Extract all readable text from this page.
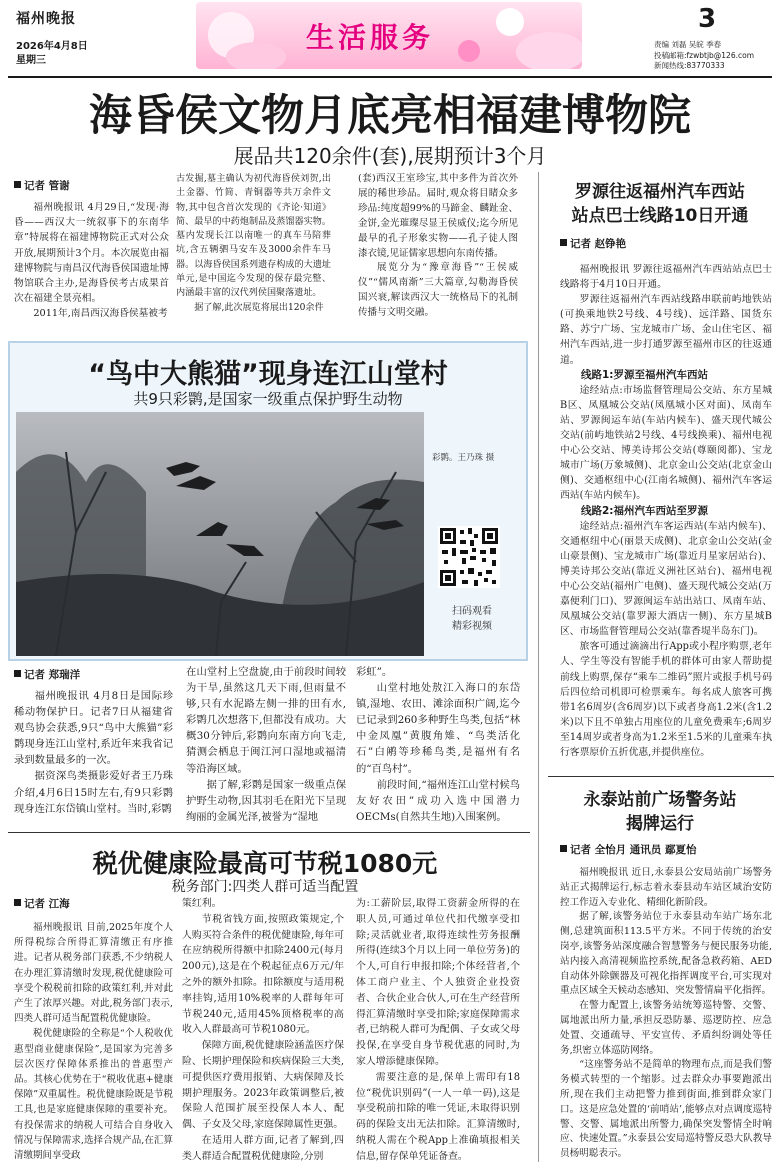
福州晚报
2026年4月8日
星期三
生活服务
3
责编 刘磊 吴皖 季春
投稿邮箱:fzwbtjb@126.com
新闻热线:83770333
海昏侯文物月底亮相福建博物院
展品共120余件(套),展期预计3个月
记者 管谢

福州晚报讯 4月29日,“发现·海昏——西汉大一统叙事下的东南华章”特展将在福建博物院正式对公众开放,展期预计3个月。本次展览由福建博物院与南昌汉代海昏侯国遗址博物馆联合主办,是海昏侯考古成果首次在福建全景亮相。

2011年,南昌西汉海昏侯墓被考

古发掘,墓主确认为初代海昏侯刘贺,出土金器、竹简、青铜器等共万余件文物,其中包含首次发现的《齐论·知道》简、最早的中药炮制品及蒸馏器实物。墓内发现长江以南唯一的真车马陪葬坑,含五辆驷马安车及3000余件车马器。以海昏侯国系列遗存构成的大遗址单元,是中国迄今发现的保存最完整、内涵最丰富的汉代列侯国聚落遗址。

据了解,此次展览将展出120余件

(套)西汉王室珍宝,其中多件为首次外展的稀世珍品。届时,观众将目睹众多珍品:纯度超99%的马蹄金、麟趾金、金饼,金光璀璨尽显王侯威仪;迄今所见最早的孔子形象实物——孔子徒人图漆衣镜,见证儒家思想向东南传播。

展览分为“豫章海昏”“王侯威仪”“儒风南渐”三大篇章,勾勒海昏侯国兴衰,解读西汉大一统格局下的礼制传播与文明交融。

“鸟中大熊猫”现身连江山堂村
共9只彩鹮,是国家一级重点保护野生动物
彩鹮。王乃珠 摄
扫码观看
精彩视频
记者 郑瑞洋

福州晚报讯 4月8日是国际珍稀动物保护日。记者7日从福建省观鸟协会获悉,9只“鸟中大熊猫”彩鹮现身连江山堂村,系近年来我省记录到数量最多的一次。

据资深鸟类摄影爱好者王乃珠介绍,4月6日15时左右,有9只彩鹮现身连江东岱镇山堂村。当时,彩鹮

在山堂村上空盘旋,由于前段时间较为干旱,虽然这几天下雨,但雨量不够,只有水泥路左侧一排的田有水,彩鹮几次想落下,但都没有成功。大概30分钟后,彩鹮向东南方向飞走,猜测会栖息于闽江河口湿地或福清等沿海区域。

据了解,彩鹮是国家一级重点保护野生动物,因其羽毛在阳光下呈现绚丽的金属光泽,被誉为“湿地

彩虹”。

山堂村地处敖江入海口的东岱镇,湿地、农田、滩涂面积广阔,迄今已记录到260多种野生鸟类,包括“林中金凤凰”黄腹角雉、“鸟类活化石”白鹇等珍稀鸟类,是福州有名的“百鸟村”。

前段时间,“福州连江山堂村候鸟友好农田”成功入选中国潜力OECMs(自然共生地)入围案例。

税优健康险最高可节税1080元
税务部门:四类人群可适当配置
记者 江海

福州晚报讯 目前,2025年度个人所得税综合所得汇算清缴正有序推进。记者从税务部门获悉,不少纳税人在办理汇算清缴时发现,税优健康险可享受个税税前扣除的政策红利,并对此产生了浓厚兴趣。对此,税务部门表示,四类人群可适当配置税优健康险。

税优健康险的全称是“个人税收优惠型商业健康保险”,是国家为完善多层次医疗保障体系推出的普惠型产品。其核心优势在于“税收优惠+健康保障”双重属性。税优健康险既是节税工具,也是家庭健康保障的重要补充。有投保需求的纳税人可结合自身收入情况与保障需求,选择合规产品,在汇算清缴期间享受政

策红利。

节税省钱方面,按照政策规定,个人购买符合条件的税优健康险,每年可在应纳税所得额中扣除2400元(每月200元),这是在个税起征点6万元/年之外的额外扣除。扣除额度与适用税率挂钩,适用10%税率的人群每年可节税240元,适用45%顶格税率的高收入人群最高可节税1080元。

保障方面,税优健康险涵盖医疗保险、长期护理保险和疾病保险三大类,可提供医疗费用报销、大病保障及长期护理服务。2023年政策调整后,被保险人范围扩展至投保人本人、配偶、子女及父母,家庭保障属性更强。

在适用人群方面,记者了解到,四类人群适合配置税优健康险,分别

为:工薪阶层,取得工资薪金所得的在职人员,可通过单位代扣代缴享受扣除;灵活就业者,取得连续性劳务报酬所得(连续3个月以上同一单位劳务)的个人,可自行申报扣除;个体经营者,个体工商户业主、个人独资企业投资者、合伙企业合伙人,可在生产经营所得汇算清缴时享受扣除;家庭保障需求者,已纳税人群可为配偶、子女或父母投保,在享受自身节税优惠的同时,为家人增添健康保障。

需要注意的是,保单上需印有18位“税优识别码”(一人一单一码),这是享受税前扣除的唯一凭证,未取得识别码的保险支出无法扣除。汇算清缴时,纳税人需在个税App上准确填报相关信息,留存保单凭证备查。

罗源往返福州汽车西站
站点巴士线路10日开通
记者 赵铮艳

福州晚报讯 罗源往返福州汽车西站站点巴士线路将于4月10日开通。

罗源往返福州汽车西站线路串联前屿地铁站(可换乘地铁2号线、4号线)、远洋路、国货东路、苏宁广场、宝龙城市广场、金山住宅区、福州汽车西站,进一步打通罗源至福州市区的往返通道。

线路1:罗源至福州汽车西站

途经站点:市场监督管理局公交站、东方星城B区、凤凰城公交站(凤凰城小区对面)、凤南车站、罗源闽运车站(车站内候车)、盛天现代城公交站(前屿地铁站2号线、4号线换乘)、福州电视中心公交站、博美诗邦公交站(尊颐阅都)、宝龙城市广场(万象城侧)、北京金山公交站(北京金山侧)、交通枢纽中心(江南名城侧)、福州汽车客运西站(车站内候车)。

线路2:福州汽车西站至罗源

途经站点:福州汽车客运西站(车站内候车)、交通枢纽中心(丽景天成侧)、北京金山公交站(金山豪景侧)、宝龙城市广场(靠近月星家居站台)、博美诗邦公交站(靠近义洲社区站台)、福州电视中心公交站(福州广电侧)、盛天现代城公交站(万嘉便利门口)、罗源闽运车站出站口、凤南车站、凤凰城公交站(靠罗源大酒店一侧)、东方星城B区、市场监督管理局公交站(靠香堤半岛东门)。

旅客可通过滴滴出行App或小程序购票,老年人、学生等没有智能手机的群体可由家人帮助提前线上购票,保存“乘车二维码”照片或报手机号码后四位给司机即可检票乘车。每名成人旅客可携带1名6周岁(含6周岁)以下或者身高1.2米(含1.2米)以下且不单独占用座位的儿童免费乘车;6周岁至14周岁或者身高为1.2米至1.5米的儿童乘车执行客票原价五折优惠,并提供座位。

永泰站前广场警务站
揭牌运行
记者 全怡月 通讯员 鄢夏怡

福州晚报讯 近日,永泰县公安局站前广场警务站正式揭牌运行,标志着永泰县动车站区域治安防控工作迈入专业化、精细化新阶段。

据了解,该警务站位于永泰县动车站广场东北侧,总建筑面积113.5平方米。不同于传统的治安岗亭,该警务站深度融合智慧警务与便民服务功能,站内接入高清视频监控系统,配备急救药箱、AED自动体外除颤器及可视化指挥调度平台,可实现对重点区域全天候动态感知、突发警情扁平化指挥。

在警力配置上,该警务站统筹巡特警、交警、属地派出所力量,承担反恐防暴、巡逻防控、应急处置、交通疏导、平安宣传、矛盾纠纷调处等任务,织密立体巡防网络。

“这座警务站不是简单的物理布点,而是我们警务模式转型的一个缩影。过去群众办事要跑派出所,现在我们主动把警力推到街面,推到群众家门口。这是应急处置的‘前哨站’,能够点对点调度巡特警、交警、属地派出所警力,确保突发警情全时响应、快速处置。”永泰县公安局巡特警反恐大队教导员杨明聪表示。
